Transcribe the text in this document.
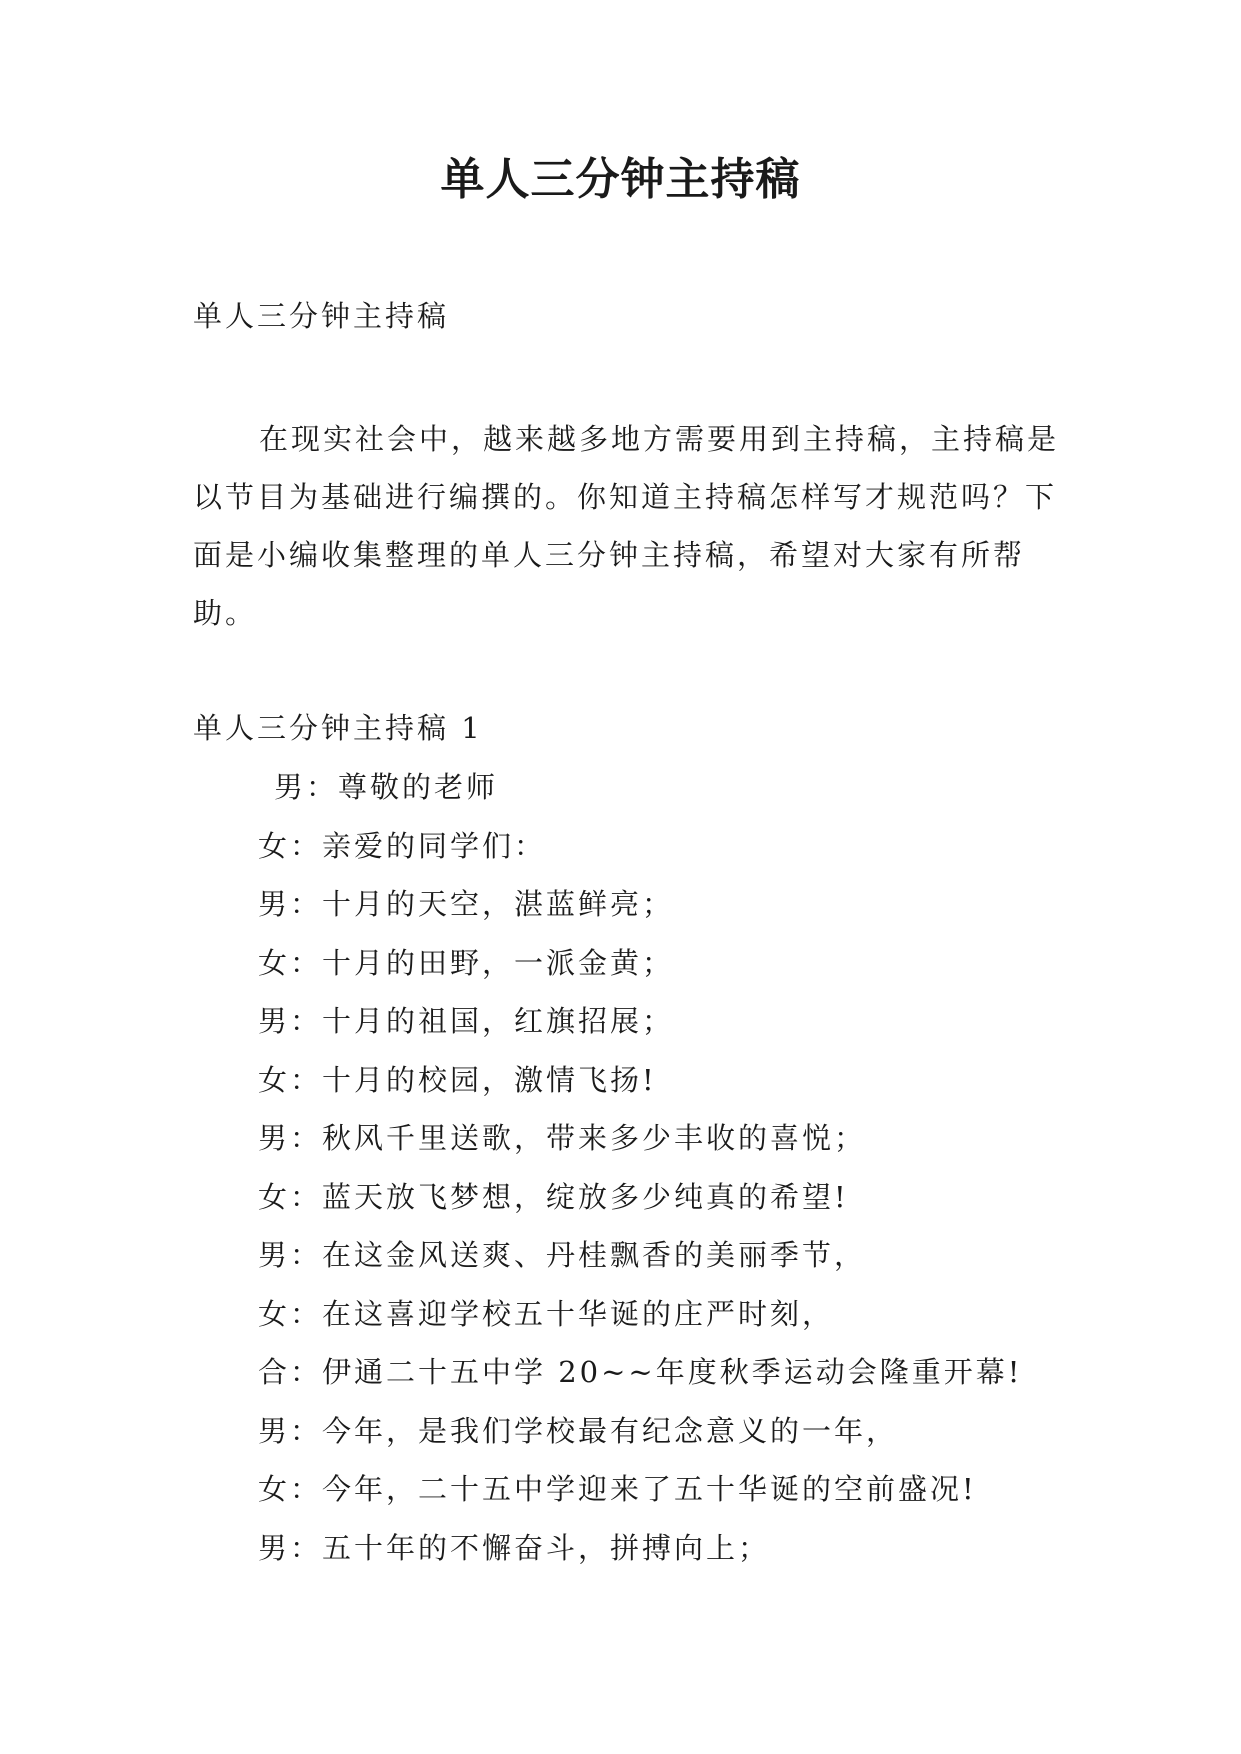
单人三分钟主持稿

单人三分钟主持稿

在现实社会中，越来越多地方需要用到主持稿，主持稿是以节目为基础进行编撰的。你知道主持稿怎样写才规范吗？下面是小编收集整理的单人三分钟主持稿，希望对大家有所帮助。

单人三分钟主持稿 1

男：尊敬的老师
女：亲爱的同学们：
男：十月的天空，湛蓝鲜亮；
女：十月的田野，一派金黄；
男：十月的祖国，红旗招展；
女：十月的校园，激情飞扬!
男：秋风千里送歌，带来多少丰收的喜悦；
女：蓝天放飞梦想，绽放多少纯真的希望!
男：在这金风送爽、丹桂飘香的美丽季节，
女：在这喜迎学校五十华诞的庄严时刻，
合：伊通二十五中学 20~~年度秋季运动会隆重开幕!
男：今年，是我们学校最有纪念意义的一年，
女：今年，二十五中学迎来了五十华诞的空前盛况!
男：五十年的不懈奋斗，拼搏向上；
